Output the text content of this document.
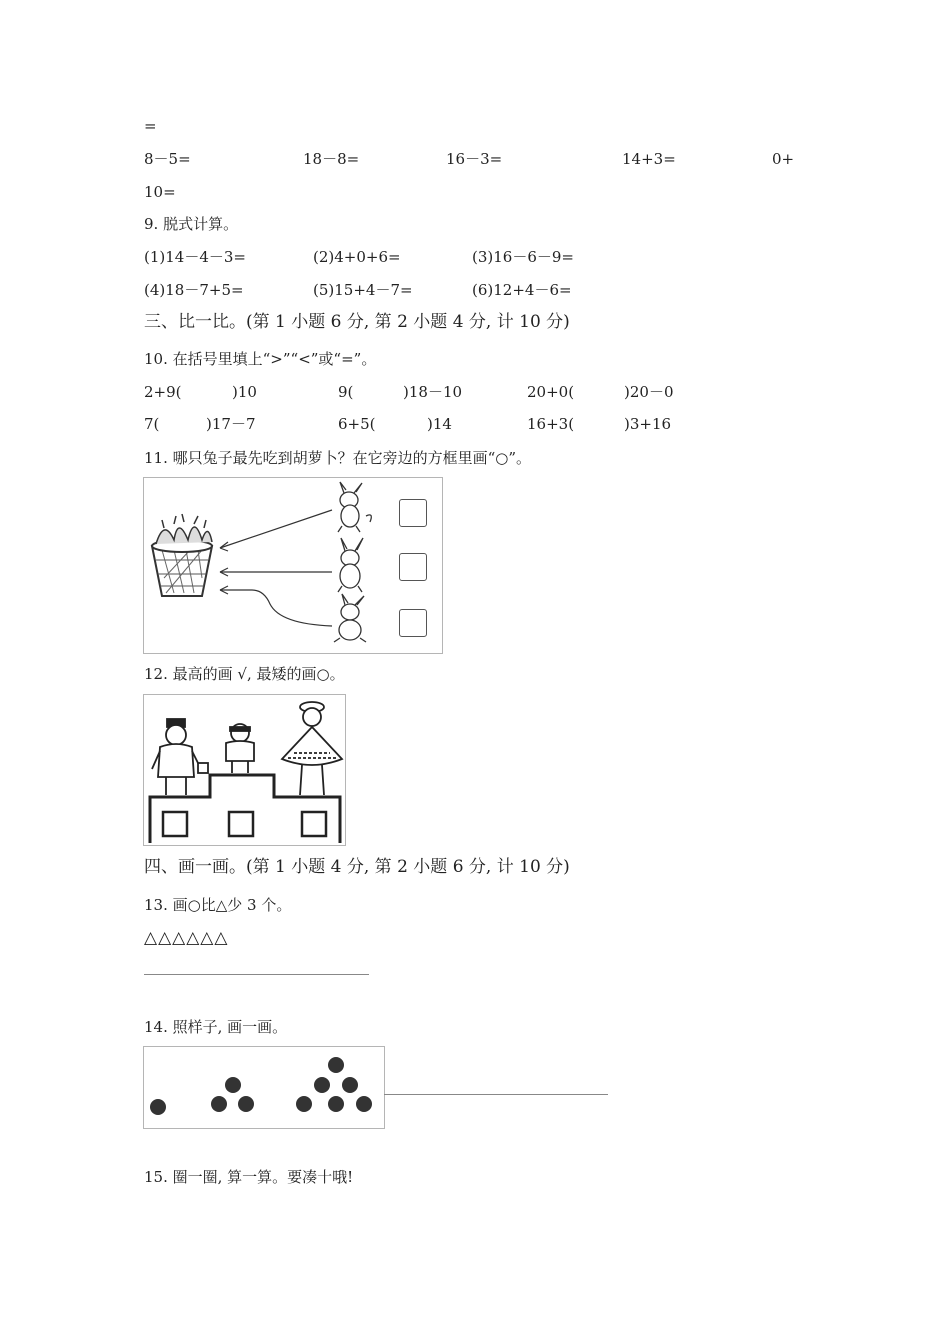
=
8－5=	18－8=	16－3=	14+3=	0+
10=
9. 脱式计算。
(1)14－4－3=	(2)4+0+6=	(3)16－6－9=
(4)18－7+5=	(5)15+4－7=	(6)12+4－6=
三、比一比。(第 1 小题 6 分, 第 2 小题 4 分, 计 10 分)
10. 在括号里填上“>”“<”或“=”。
2+9(	)10	9(	)18－10	20+0(	)20－0
7(	)17－7	6+5(	)14	16+3(	)3+16
11. 哪只兔子最先吃到胡萝卜？在它旁边的方框里画“○”。
12. 最高的画 √, 最矮的画○。
四、画一画。(第 1 小题 4 分, 第 2 小题 6 分, 计 10 分)
13. 画○比△少 3 个。
△△△△△△
14. 照样子, 画一画。
15. 圈一圈, 算一算。要凑十哦!
